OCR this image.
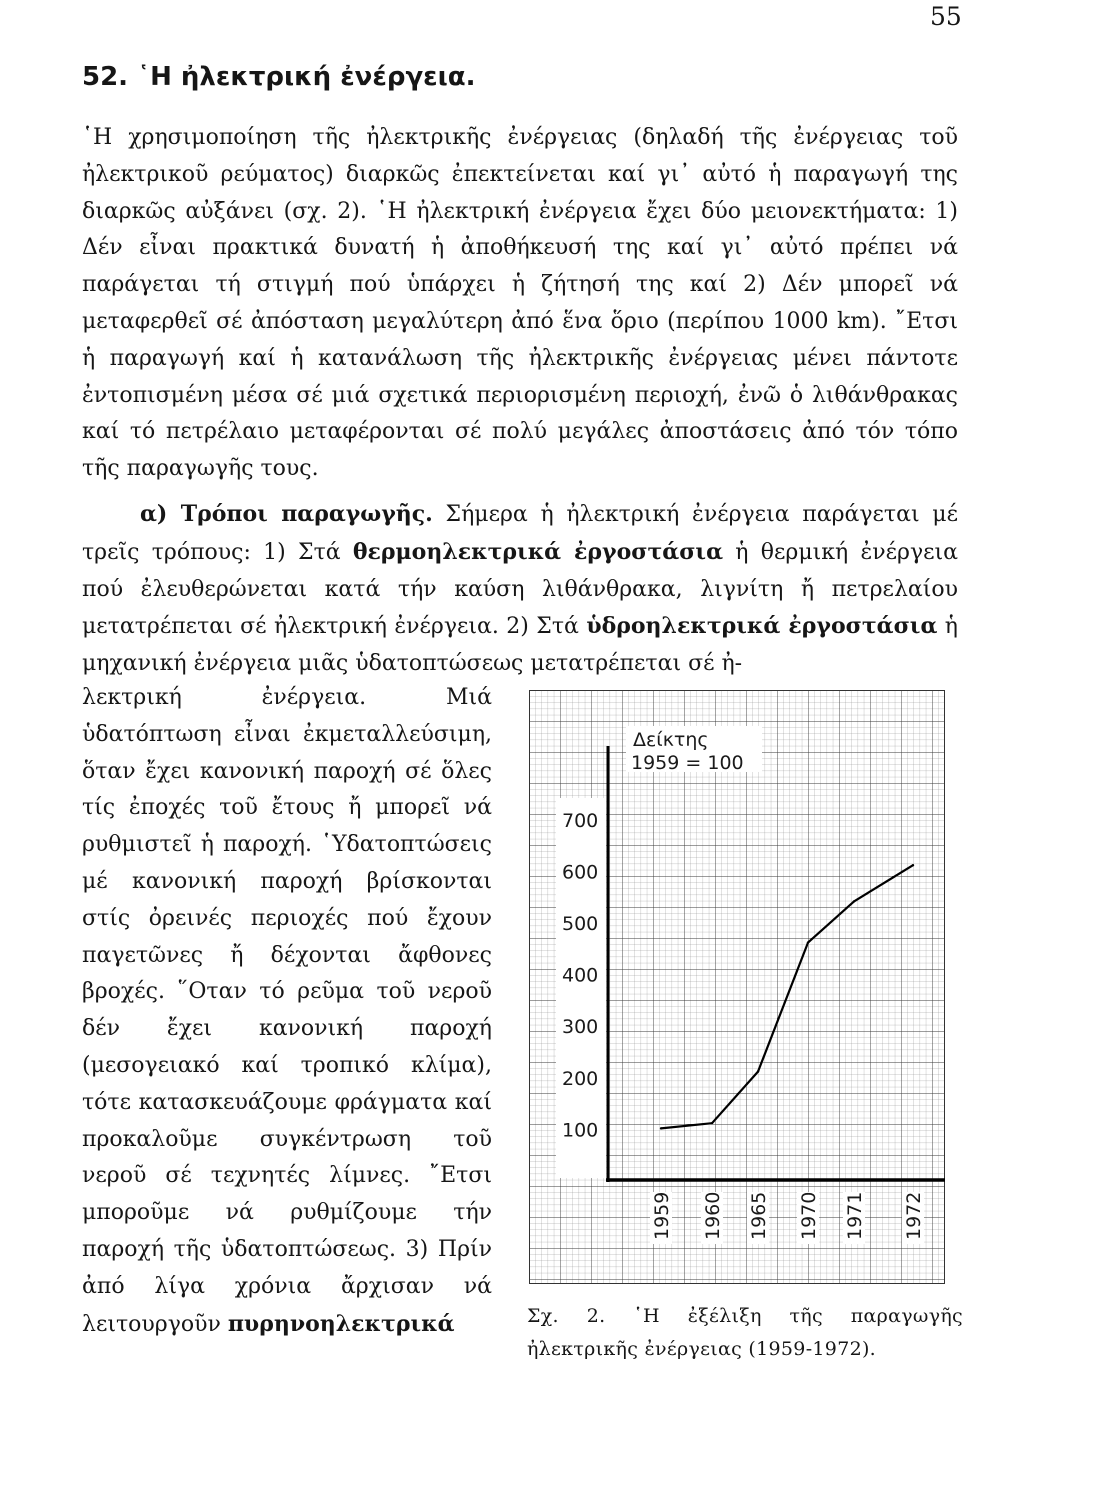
55
52. ῾Η ἠλεκτρική ἐνέργεια.

῾Η χρησιμοποίηση τῆς ἠλεκτρικῆς ἐνέργειας (δηλαδή τῆς ἐνέργειας τοῦ ἠλεκτρικοῦ ρεύματος) διαρκῶς ἐπεκτείνεται καί γι᾽ αὐτό ἡ παραγωγή της διαρκῶς αὐξάνει (σχ. 2). ῾Η ἠλεκτρική ἐνέργεια ἔχει δύο μειονεκτήματα: 1) Δέν εἶναι πρακτικά δυνατή ἡ ἀποθήκευσή της καί γι᾽ αὐτό πρέπει νά παράγεται τή στιγμή πού ὑπάρχει ἡ ζήτησή της καί 2) Δέν μπορεῖ νά μεταφερθεῖ σέ ἀπόσταση μεγαλύτερη ἀπό ἕνα ὅριο (περίπου 1000 km). ῎Ετσι ἡ παραγωγή καί ἡ κατανάλωση τῆς ἠλεκτρικῆς ἐνέργειας μένει πάντοτε ἐντοπισμένη μέσα σέ μιά σχετικά περιορισμένη περιοχή, ἐνῶ ὁ λιθάνθρακας καί τό πετρέλαιο μεταφέρονται σέ πολύ μεγάλες ἀποστάσεις ἀπό τόν τόπο τῆς παραγωγῆς τους.

α) Τρόποι παραγωγῆς. Σήμερα ἡ ἠλεκτρική ἐνέργεια παράγεται μέ τρεῖς τρόπους: 1) Στά θερμοηλεκτρικά ἐργοστάσια ἡ θερμική ἐνέργεια πού ἐλευθερώνεται κατά τήν καύση λιθάνθρακα, λιγνίτη ἤ πετρελαίου μετατρέπεται σέ ἠλεκτρική ἐνέργεια. 2) Στά ὑδροηλεκτρικά ἐργοστάσια ἡ μηχανική ἐνέργεια μιᾶς ὑδατοπτώσεως μετατρέπεται σέ ἠ-

λεκτρική ἐνέργεια. Μιά ὑδατόπτωση εἶναι ἐκμεταλλεύσιμη, ὅταν ἔχει κανονική παροχή σέ ὅλες τίς ἐποχές τοῦ ἔτους ἤ μπορεῖ νά ρυθμιστεῖ ἡ παροχή. ῾Υδατοπτώσεις μέ κανονική παροχή βρίσκονται στίς ὀρεινές περιοχές πού ἔχουν παγετῶνες ἤ δέχονται ἄφθονες βροχές. ῞Οταν τό ρεῦμα τοῦ νεροῦ δέν ἔχει κανονική παροχή (μεσογειακό καί τροπικό κλίμα), τότε κατασκευάζουμε φράγματα καί προκαλοῦμε συγκέντρωση τοῦ νεροῦ σέ τεχνητές λίμνες. ῎Ετσι μποροῦμε νά ρυθμίζουμε τήν παροχή τῆς ὑδατοπτώσεως. 3) Πρίν ἀπό λίγα χρόνια ἄρχισαν νά λειτουργοῦν πυρηνοηλεκτρικά

Δείκτης
1959 = 100
100
200
300
400
500
600
700
1959 1960 1965 1970 1971 1972

Σχ. 2. ῾Η ἐξέλιξη τῆς παραγωγῆς ἠλεκτρικῆς ἐνέργειας (1959-1972).
